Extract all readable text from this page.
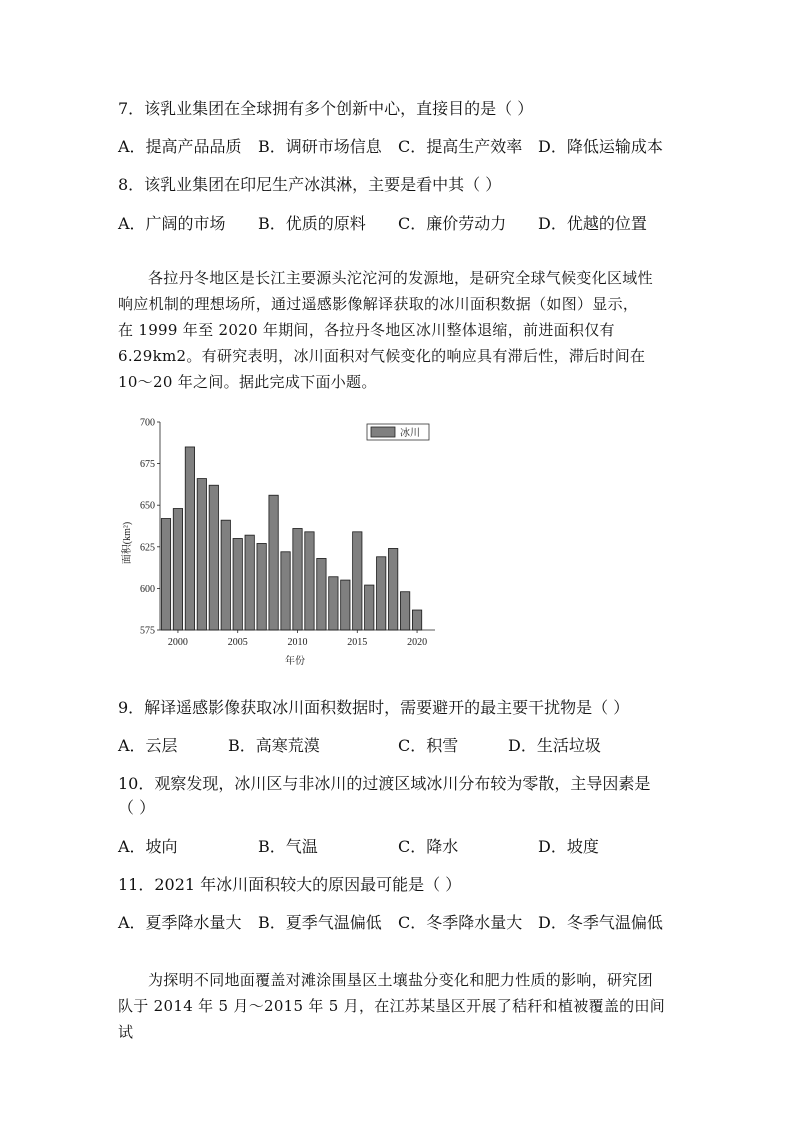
7．该乳业集团在全球拥有多个创新中心，直接目的是（ ）
A．提高产品品质 B．调研市场信息 C．提高生产效率 D．降低运输成本
8．该乳业集团在印尼生产冰淇淋，主要是看中其（ ）
A．广阔的市场 B．优质的原料 C．廉价劳动力 D．优越的位置

各拉丹冬地区是长江主要源头沱沱河的发源地，是研究全球气候变化区域性

响应机制的理想场所，通过遥感影像解译获取的冰川面积数据（如图）显示，

在 1999 年至 2020 年期间，各拉丹冬地区冰川整体退缩，前进面积仅有

6.29km2。有研究表明，冰川面积对气候变化的响应具有滞后性，滞后时间在

10～20 年之间。据此完成下面小题。

575
600
625
650
675
700
2000	2005	2010	2015	2020
冰川
面积(km²)
年份
9．解译遥感影像获取冰川面积数据时，需要避开的最主要干扰物是（ ）
A．云层	B．高寒荒漠	C．积雪	D．生活垃圾
10．观察发现，冰川区与非冰川的过渡区域冰川分布较为零散，主导因素是
（ ）
A．坡向	B．气温	C．降水	D．坡度
11．2021 年冰川面积较大的原因最可能是（ ）
A．夏季降水量大 B．夏季气温偏低 C．冬季降水量大 D．冬季气温偏低

为探明不同地面覆盖对滩涂围垦区土壤盐分变化和肥力性质的影响，研究团

队于 2014 年 5 月～2015 年 5 月，在江苏某垦区开展了秸秆和植被覆盖的田间试
